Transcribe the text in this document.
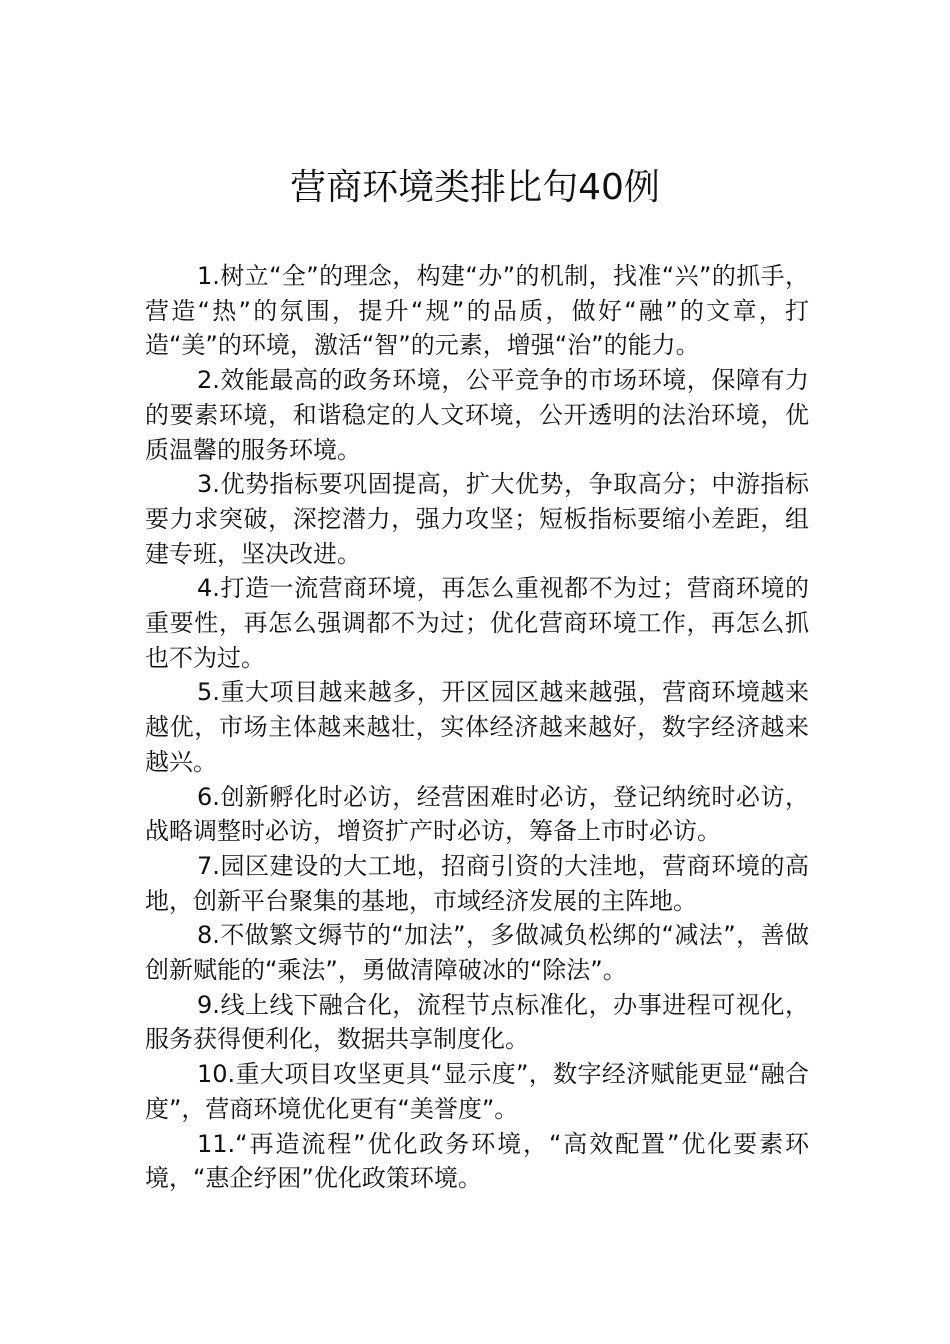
营商环境类排比句40例

1.树立“全”的理念，构建“办”的机制，找准“兴”的抓手，营造“热”的氛围，提升“规”的品质，做好“融”的文章，打造“美”的环境，激活“智”的元素，增强“治”的能力。

2.效能最高的政务环境，公平竞争的市场环境，保障有力的要素环境，和谐稳定的人文环境，公开透明的法治环境，优质温馨的服务环境。

3.优势指标要巩固提高，扩大优势，争取高分；中游指标要力求突破，深挖潜力，强力攻坚；短板指标要缩小差距，组建专班，坚决改进。

4.打造一流营商环境，再怎么重视都不为过；营商环境的重要性，再怎么强调都不为过；优化营商环境工作，再怎么抓也不为过。

5.重大项目越来越多，开区园区越来越强，营商环境越来越优，市场主体越来越壮，实体经济越来越好，数字经济越来越兴。

6.创新孵化时必访，经营困难时必访，登记纳统时必访，战略调整时必访，增资扩产时必访，筹备上市时必访。

7.园区建设的大工地，招商引资的大洼地，营商环境的高地，创新平台聚集的基地，市域经济发展的主阵地。

8.不做繁文缛节的“加法”，多做减负松绑的“减法”，善做创新赋能的“乘法”，勇做清障破冰的“除法”。

9.线上线下融合化，流程节点标准化，办事进程可视化，服务获得便利化，数据共享制度化。

10.重大项目攻坚更具“显示度”，数字经济赋能更显“融合度”，营商环境优化更有“美誉度”。

11.“再造流程”优化政务环境，“高效配置”优化要素环境，“惠企纾困”优化政策环境。
